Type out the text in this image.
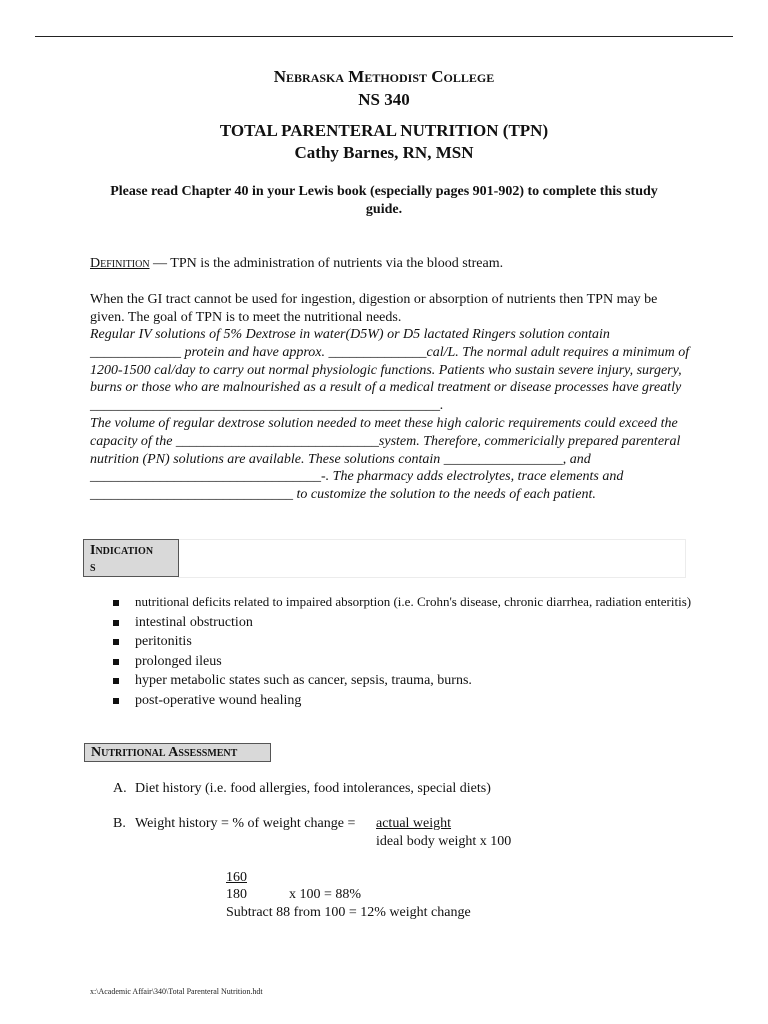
Nebraska Methodist College
NS 340
TOTAL PARENTERAL NUTRITION (TPN)
Cathy Barnes, RN, MSN
Please read Chapter 40 in your Lewis book (especially pages 901-902) to complete this study guide.
Definition — TPN is the administration of nutrients via the blood stream.
When the GI tract cannot be used for ingestion, digestion or absorption of nutrients then TPN may be given. The goal of TPN is to meet the nutritional needs.
Regular IV solutions of 5% Dextrose in water(D5W) or D5 lactated Ringers solution contain _____________ protein and have approx. ______________cal/L. The normal adult requires a minimum of 1200-1500 cal/day to carry out normal physiologic functions. Patients who sustain severe injury, surgery, burns or those who are malnourished as a result of a medical treatment or disease processes have greatly __________________________________________________.
The volume of regular dextrose solution needed to meet these high caloric requirements could exceed the capacity of the _____________________________system. Therefore, commericially prepared parenteral nutrition (PN) solutions are available. These solutions contain _________________, and _________________________________-. The pharmacy adds electrolytes, trace elements and _____________________________ to customize the solution to the needs of each patient.
Indication
s
nutritional deficits related to impaired absorption (i.e. Crohn's disease, chronic diarrhea, radiation enteritis)
intestinal obstruction
peritonitis
prolonged ileus
hyper metabolic states such as cancer, sepsis, trauma, burns.
post-operative wound healing
Nutritional Assessment
A. Diet history (i.e. food allergies, food intolerances, special diets)
B. Weight history = % of weight change = actual weight
ideal body weight x 100
160
180	x 100 = 88%
Subtract 88 from 100 = 12% weight change
x:\Academic Affair\340\Total Parenteral Nutrition.hdt
